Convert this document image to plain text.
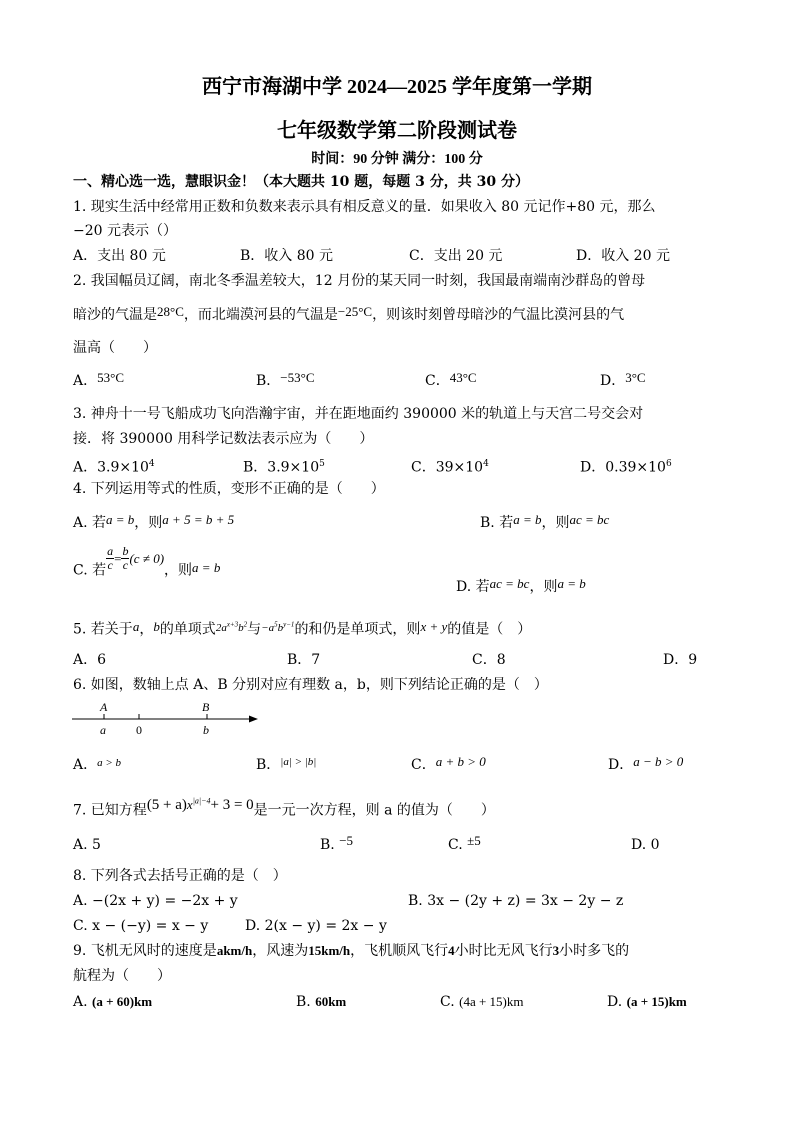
西宁市海湖中学 2024—2025 学年度第一学期
七年级数学第二阶段测试卷
时间：90 分钟 满分：100 分
一、精心选一选，慧眼识金！（本大题共 10 题，每题 3 分，共 30 分）
1. 现实生活中经常用正数和负数来表示具有相反意义的量．如果收入 80 元记作+80 元，那么
−20 元表示（）
A．支出 80 元	B．收入 80 元	C．支出 20 元	D．收入 20 元
2. 我国幅员辽阔，南北冬季温差较大，12 月份的某天同一时刻，我国最南端南沙群岛的曾母
暗沙的气温是28°C，而北端漠河县的气温是−25°C，则该时刻曾母暗沙的气温比漠河县的气
温高（　　）
A．53°C	B．−53°C	C．43°C	D．3°C
3. 神舟十一号飞船成功飞向浩瀚宇宙，并在距地面约 390000 米的轨道上与天宫二号交会对
接．将 390000 用科学记数法表示应为（　　）
A．$3.9\times 10^4$	B．$3.9\times 10^5$	C．$39\times 10^4$	D．$0.39\times 10^6$
4. 下列运用等式的性质，变形不正确的是（　　）
A. 若a = b，则a + 5 = b + 5	B. 若a = b，则ac = bc
C. 若 $\frac{a}{c} = \frac{b}{c} (c \ne 0)$，则a = b
D. 若ac = bc，则a = b
5. 若关于a，b的单项式$^{2a^{x+3}b^2}$与$^{-a^5b^{y-1}}$的和仍是单项式，则x + y的值是（　）
A．6	B．7	C．8	D．9
6. 如图，数轴上点 A、B 分别对应有理数 a，b，则下列结论正确的是（　）
A	B
a	0	b
A．$^{a > b}$	B．$^{|a| > |b|}$	C．a + b > 0	D．a − b > 0
7. 已知方程$(5 + a)x^{|a|-4}+ 3 = 0$是一元一次方程，则 a 的值为（　　）
A. 5	B. −5	C. ±5	D. 0
8. 下列各式去括号正确的是（　）
A. −(2x + y) = −2x + y	B. 3x − (2y + z) = 3x − 2y − z
C. x − (−y) = x − y	D. 2(x − y) = 2x − y
9. 飞机无风时的速度是akm/h，风速为15km/h，飞机顺风飞行4小时比无风飞行3小时多飞的
航程为（　　）
A. (a + 60)km	B. 60km	C. (4a + 15)km	D. (a + 15)km
